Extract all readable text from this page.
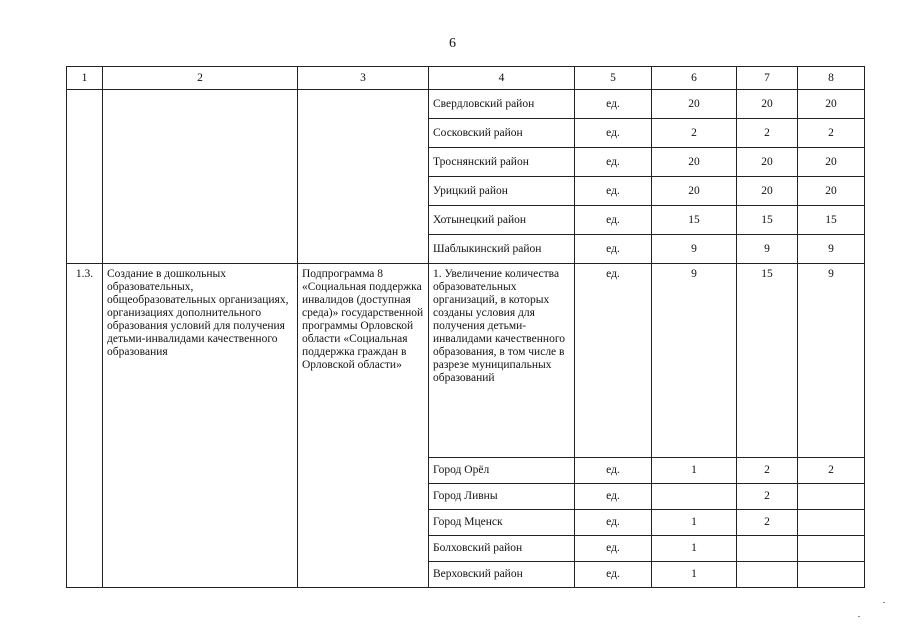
6
1	2	3	4	5	6	7	8
			Свердловский район	ед.	20	20	20
			Сосковский район	ед.	2	2	2
			Троснянский район	ед.	20	20	20
			Урицкий район	ед.	20	20	20
			Хотынецкий район	ед.	15	15	15
			Шаблыкинский район	ед.	9	9	9
1.3.	Создание в дошкольных образовательных, общеобразовательных организациях, организациях дополнительного образования условий для получения детьми-инвалидами качественного образования	Подпрограмма 8 «Социальная поддержка инвалидов (доступная среда)» государственной программы Орловской области «Социальная поддержка граждан в Орловской области»	1. Увеличение количества образовательных организаций, в которых созданы условия для получения детьми-инвалидами качественного образования, в том числе в разрезе муниципальных образований	ед.	9	15	9
			Город Орёл	ед.	1	2	2
			Город Ливны	ед.		2	
			Город Мценск	ед.	1	2	
			Болховский район	ед.	1		
			Верховский район	ед.	1		
